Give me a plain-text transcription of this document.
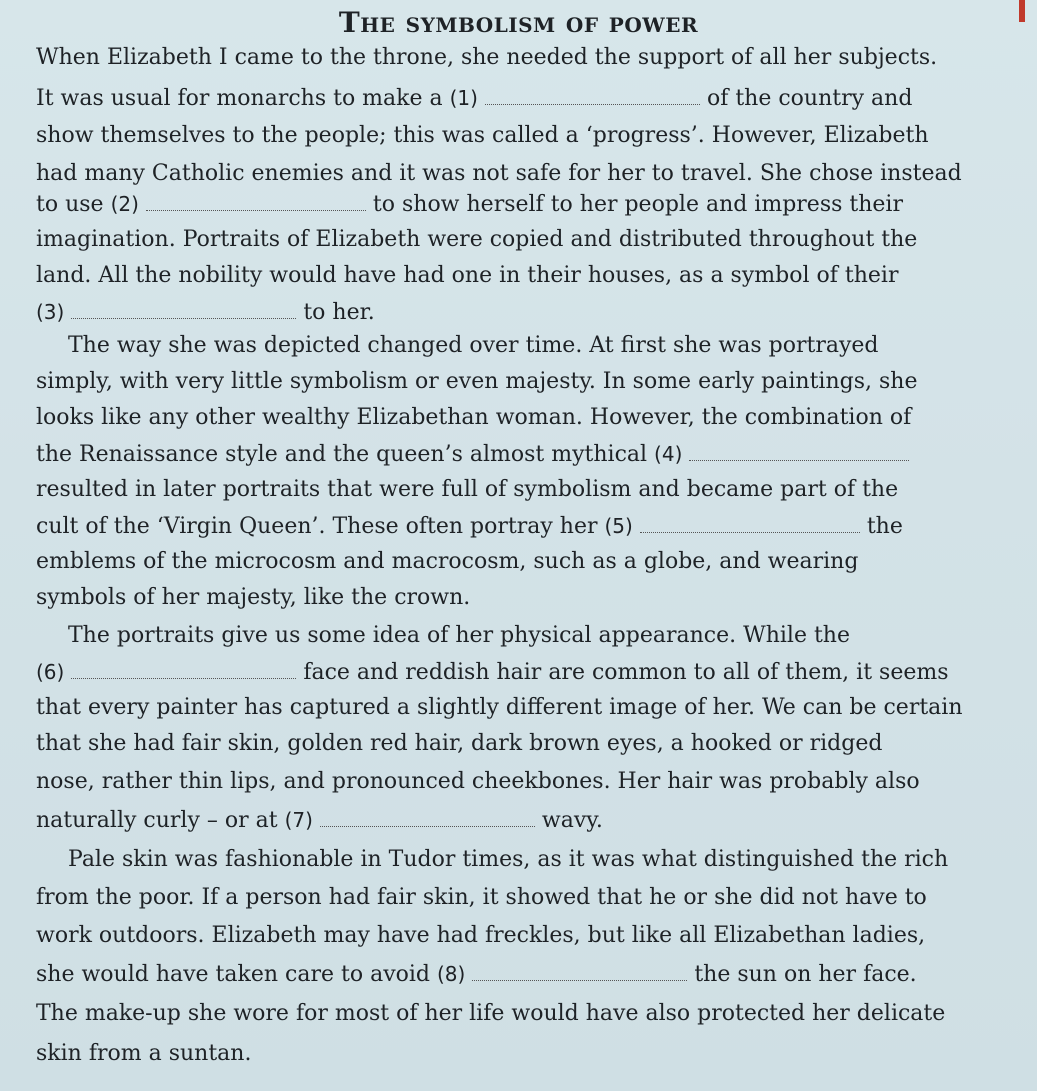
The symbolism of power
When Elizabeth I came to the throne, she needed the support of all her subjects.
It was usual for monarchs to make a (1)	of the country and
show themselves to the people; this was called a ‘progress’. However, Elizabeth
had many Catholic enemies and it was not safe for her to travel. She chose instead
to use (2)	to show herself to her people and impress their
imagination. Portraits of Elizabeth were copied and distributed throughout the
land. All the nobility would have had one in their houses, as a symbol of their
(3)	to her.
The way she was depicted changed over time. At first she was portrayed
simply, with very little symbolism or even majesty. In some early paintings, she
looks like any other wealthy Elizabethan woman. However, the combination of
the Renaissance style and the queen’s almost mythical (4)
resulted in later portraits that were full of symbolism and became part of the
cult of the ‘Virgin Queen’. These often portray her (5)	the
emblems of the microcosm and macrocosm, such as a globe, and wearing
symbols of her majesty, like the crown.
The portraits give us some idea of her physical appearance. While the
(6)	face and reddish hair are common to all of them, it seems
that every painter has captured a slightly different image of her. We can be certain
that she had fair skin, golden red hair, dark brown eyes, a hooked or ridged
nose, rather thin lips, and pronounced cheekbones. Her hair was probably also
naturally curly – or at (7)	wavy.
Pale skin was fashionable in Tudor times, as it was what distinguished the rich
from the poor. If a person had fair skin, it showed that he or she did not have to
work outdoors. Elizabeth may have had freckles, but like all Elizabethan ladies,
she would have taken care to avoid (8)	the sun on her face.
The make-up she wore for most of her life would have also protected her delicate
skin from a suntan.
